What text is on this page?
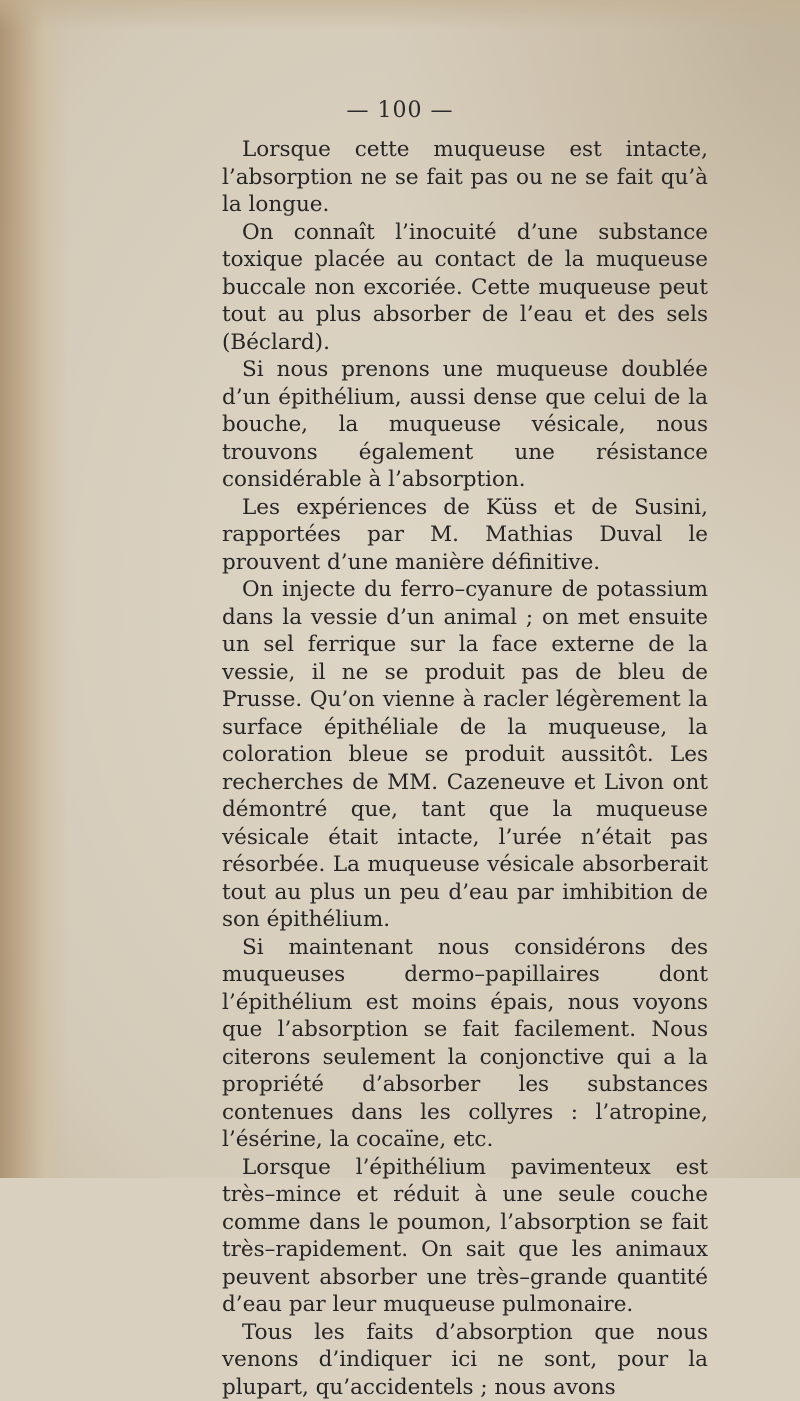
— 100 —

Lorsque cette muqueuse est intacte, l’absorption ne se fait pas ou ne se fait qu’à la longue.

On connaît l’inocuité d’une substance toxique placée au contact de la muqueuse buccale non excoriée. Cette muqueuse peut tout au plus absorber de l’eau et des sels (Béclard).

Si nous prenons une muqueuse doublée d’un épithélium, aussi dense que celui de la bouche, la muqueuse vésicale, nous trouvons également une résistance considérable à l’absorption.

Les expériences de Küss et de Susini, rapportées par M. Mathias Duval le prouvent d’une manière définitive.

On injecte du ferro–cyanure de potassium dans la vessie d’un animal ; on met ensuite un sel ferrique sur la face externe de la vessie, il ne se produit pas de bleu de Prusse. Qu’on vienne à racler légèrement la surface épithéliale de la muqueuse, la coloration bleue se produit aussitôt. Les recherches de MM. Cazeneuve et Livon ont démontré que, tant que la muqueuse vésicale était intacte, l’urée n’était pas résorbée. La muqueuse vésicale absorberait tout au plus un peu d’eau par imhibition de son épithélium.

Si maintenant nous considérons des muqueuses dermo–papillaires dont l’épithélium est moins épais, nous voyons que l’absorption se fait facilement. Nous citerons seulement la conjonctive qui a la propriété d’absorber les substances contenues dans les collyres : l’atropine, l’ésérine, la cocaïne, etc.

Lorsque l’épithélium pavimenteux est très–mince et réduit à une seule couche comme dans le poumon, l’absorption se fait très–rapidement. On sait que les animaux peuvent absorber une très–grande quantité d’eau par leur muqueuse pulmonaire.

Tous les faits d’absorption que nous venons d’indiquer ici ne sont, pour la plupart, qu’accidentels ; nous avons
